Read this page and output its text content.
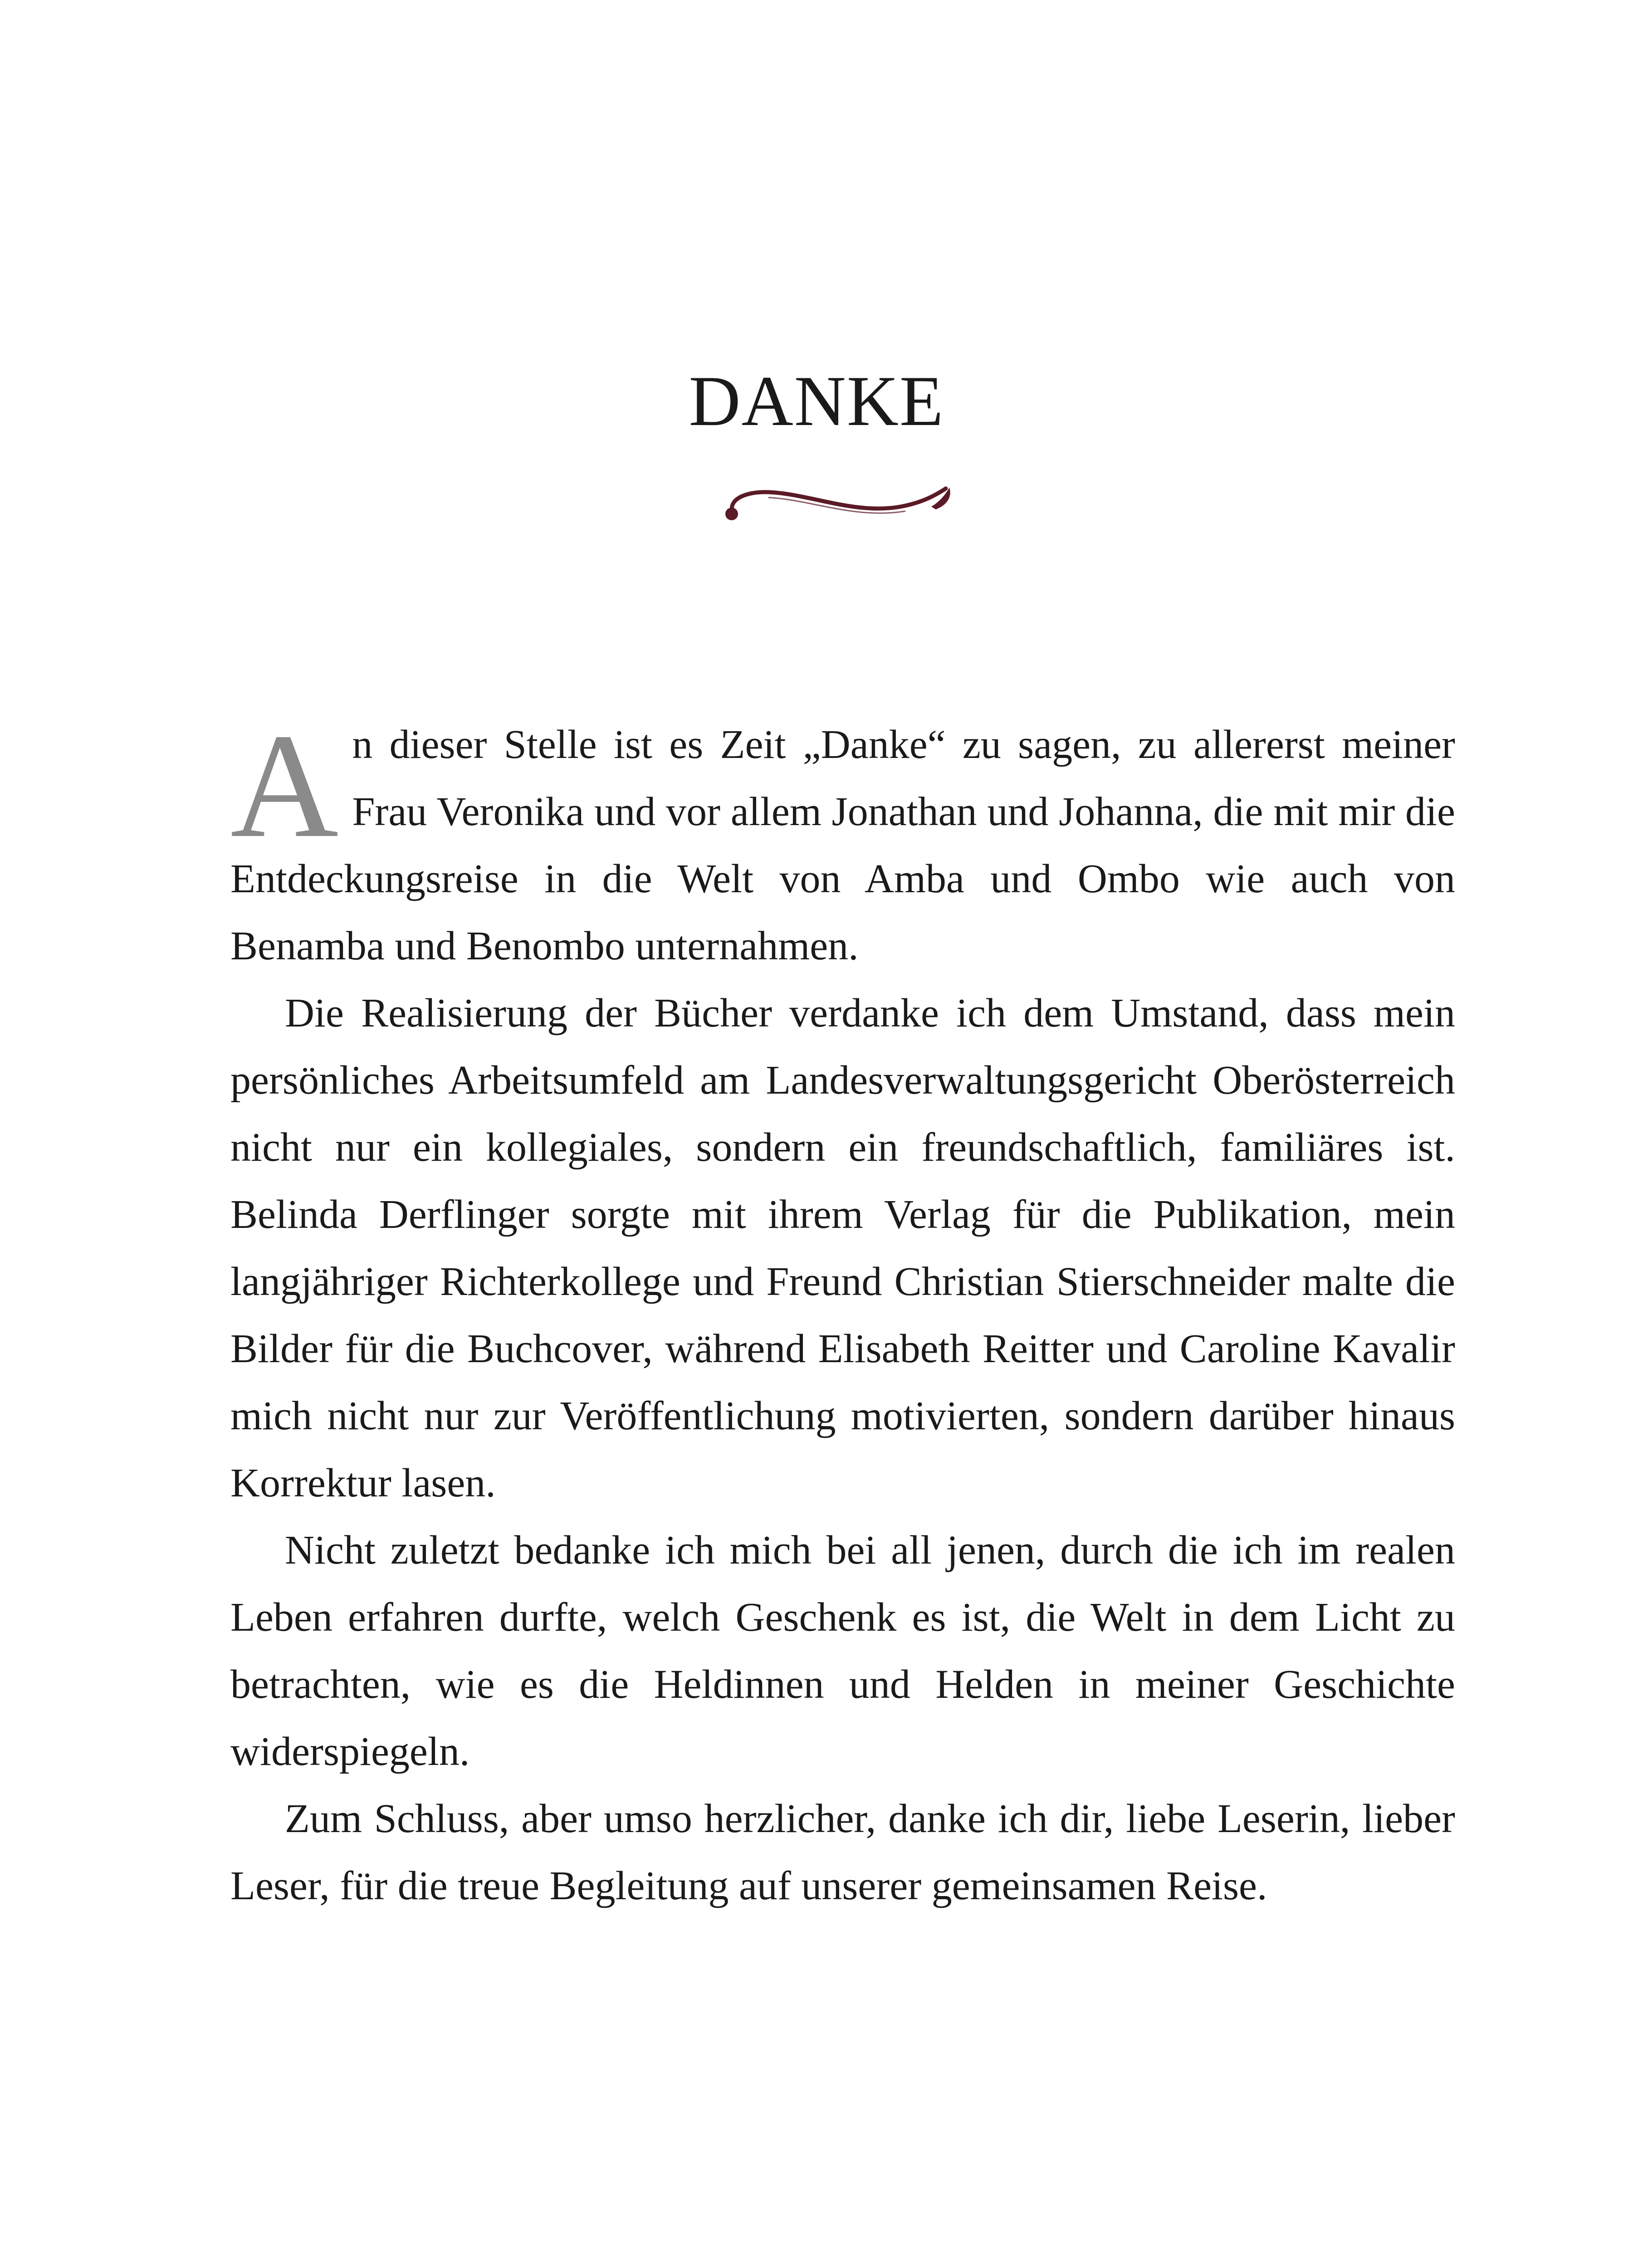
DANKE

An dieser Stelle ist es Zeit „Danke“ zu sagen, zu allererst meiner Frau Veronika und vor allem Jonathan und Johanna, die mit mir die Entdeckungsreise in die Welt von Amba und Ombo wie auch von Benamba und Benombo unternahmen.

Die Realisierung der Bücher verdanke ich dem Umstand, dass mein persönliches Arbeitsumfeld am Landesverwaltungsgericht Oberösterreich nicht nur ein kollegiales, sondern ein freundschaftlich, familiäres ist. Belinda Derflinger sorgte mit ihrem Verlag für die Publikation, mein langjähriger Richterkollege und Freund Christian Stierschneider malte die Bilder für die Buchcover, während Elisabeth Reitter und Caroline Kavalir mich nicht nur zur Veröffentlichung motivierten, sondern darüber hinaus Korrektur lasen.

Nicht zuletzt bedanke ich mich bei all jenen, durch die ich im realen Leben erfahren durfte, welch Geschenk es ist, die Welt in dem Licht zu betrachten, wie es die Heldinnen und Helden in meiner Geschichte widerspiegeln.

Zum Schluss, aber umso herzlicher, danke ich dir, liebe Leserin, lieber Leser, für die treue Begleitung auf unserer gemeinsamen Reise.
